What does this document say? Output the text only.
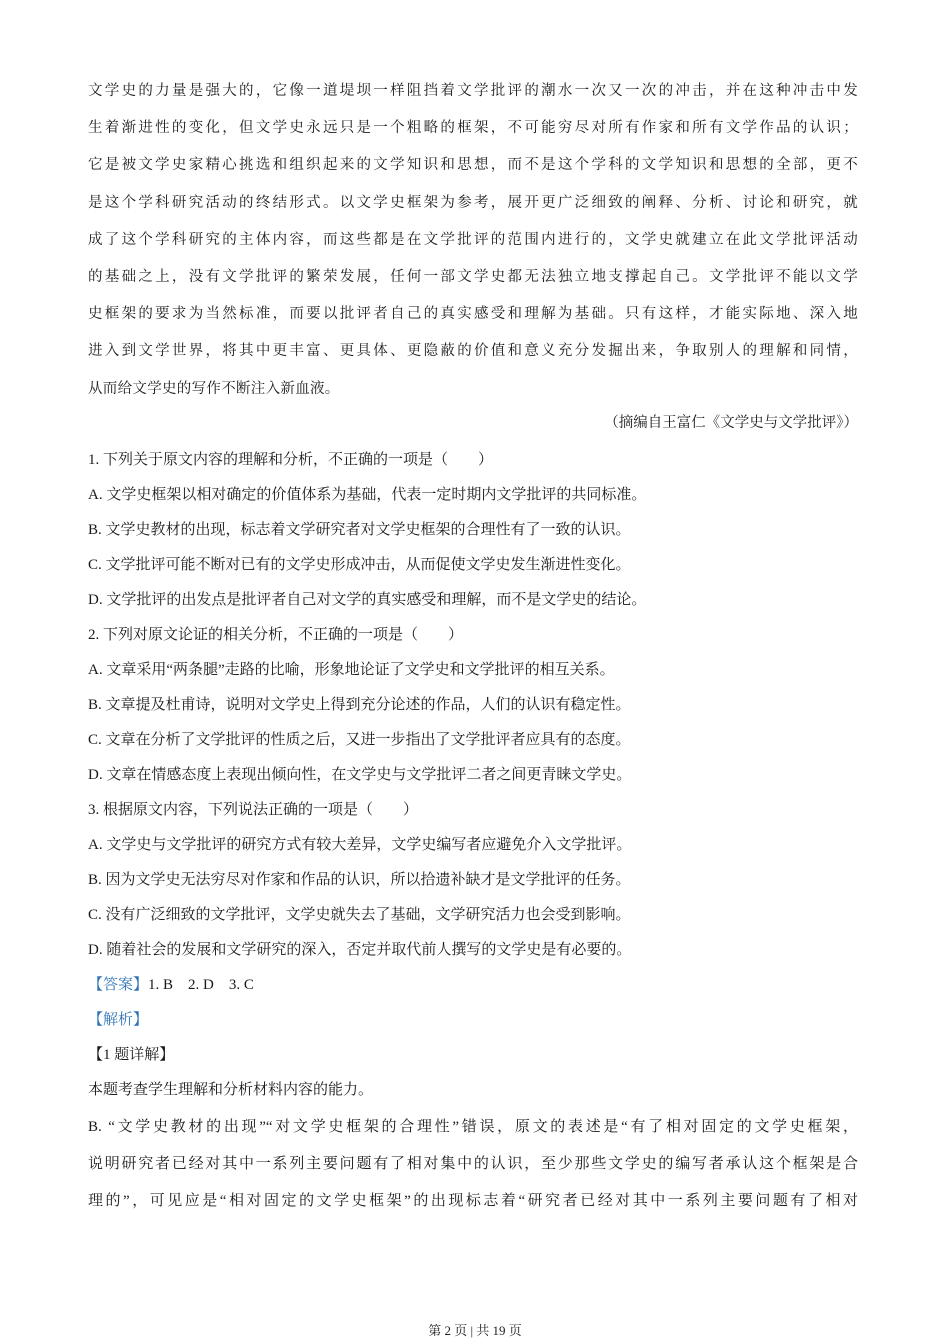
文学史的力量是强大的，它像一道堤坝一样阻挡着文学批评的潮水一次又一次的冲击，并在这种冲击中发
生着渐进性的变化，但文学史永远只是一个粗略的框架，不可能穷尽对所有作家和所有文学作品的认识；
它是被文学史家精心挑选和组织起来的文学知识和思想，而不是这个学科的文学知识和思想的全部，更不
是这个学科研究活动的终结形式。以文学史框架为参考，展开更广泛细致的阐释、分析、讨论和研究，就
成了这个学科研究的主体内容，而这些都是在文学批评的范围内进行的，文学史就建立在此文学批评活动
的基础之上，没有文学批评的繁荣发展，任何一部文学史都无法独立地支撑起自己。文学批评不能以文学
史框架的要求为当然标准，而要以批评者自己的真实感受和理解为基础。只有这样，才能实际地、深入地
进入到文学世界，将其中更丰富、更具体、更隐蔽的价值和意义充分发掘出来，争取别人的理解和同情，
从而给文学史的写作不断注入新血液。
（摘编自王富仁《文学史与文学批评》）
1. 下列关于原文内容的理解和分析，不正确的一项是（　　）
A. 文学史框架以相对确定的价值体系为基础，代表一定时期内文学批评的共同标准。
B. 文学史教材的出现，标志着文学研究者对文学史框架的合理性有了一致的认识。
C. 文学批评可能不断对已有的文学史形成冲击，从而促使文学史发生渐进性变化。
D. 文学批评的出发点是批评者自己对文学的真实感受和理解，而不是文学史的结论。
2. 下列对原文论证的相关分析，不正确的一项是（　　）
A. 文章采用“两条腿”走路的比喻，形象地论证了文学史和文学批评的相互关系。
B. 文章提及杜甫诗，说明对文学史上得到充分论述的作品，人们的认识有稳定性。
C. 文章在分析了文学批评的性质之后，又进一步指出了文学批评者应具有的态度。
D. 文章在情感态度上表现出倾向性，在文学史与文学批评二者之间更青睐文学史。
3. 根据原文内容，下列说法正确的一项是（　　）
A. 文学史与文学批评的研究方式有较大差异，文学史编写者应避免介入文学批评。
B. 因为文学史无法穷尽对作家和作品的认识，所以拾遗补缺才是文学批评的任务。
C. 没有广泛细致的文学批评，文学史就失去了基础，文学研究活力也会受到影响。
D. 随着社会的发展和文学研究的深入，否定并取代前人撰写的文学史是有必要的。
【答案】1. B　2. D　3. C
【解析】
【1 题详解】
本题考查学生理解和分析材料内容的能力。
B. “文学史教材的出现”“对文学史框架的合理性”错误，原文的表述是“有了相对固定的文学史框架，
说明研究者已经对其中一系列主要问题有了相对集中的认识，至少那些文学史的编写者承认这个框架是合
理的”，可见应是“相对固定的文学史框架”的出现标志着“研究者已经对其中一系列主要问题有了相对
第 2 页 | 共 19 页
